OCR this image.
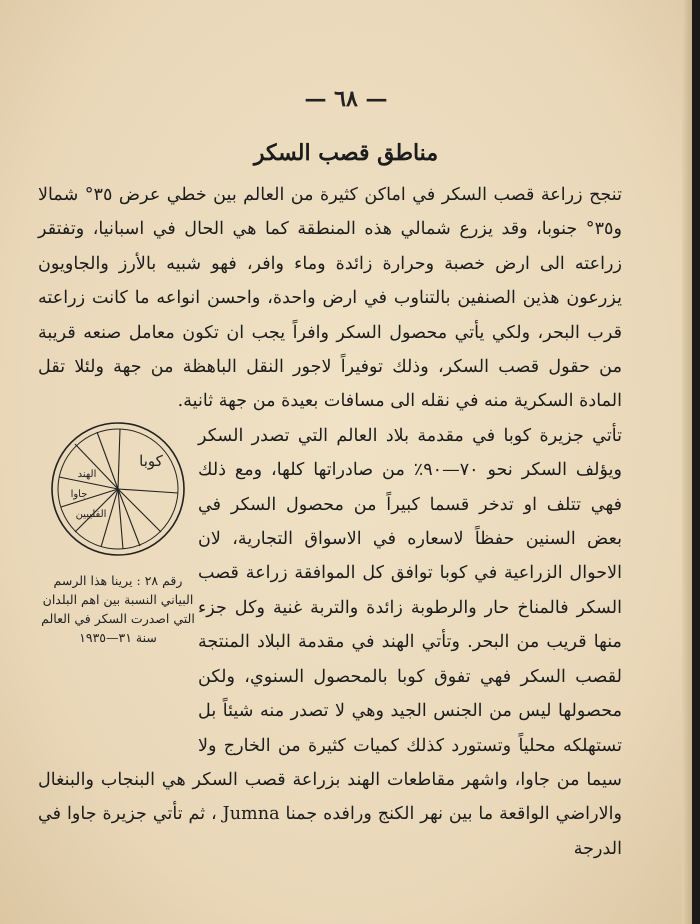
— ٦٨ —
مناطق قصب السكر

تنجح زراعة قصب السكر في اماكن كثيرة من العالم بين خطي عرض ٣٥° شمالا و٣٥° جنوبا، وقد يزرع شمالي هذه المنطقة كما هي الحال في اسبانيا، وتفتقر زراعته الى ارض خصبة وحرارة زائدة وماء وافر، فهو شبيه بالأرز والجاويون يزرعون هذين الصنفين بالتناوب في ارض واحدة، واحسن انواعه ما كانت زراعته قرب البحر، ولكي يأتي محصول السكر وافراً يجب ان تكون معامل صنعه قريبة من حقول قصب السكر، وذلك توفيراً لاجور النقل الباهظة من جهة ولئلا تقل المادة السكرية منه في نقله الى مسافات بعيدة من جهة ثانية.

كوبا
الهند
جاوا
الفليبين
رقم ٢٨ : يرينا هذا الرسم
البياني النسبة بين اهم البلدان
التي اصدرت السكر في العالم
سنة ٣١—١٩٣٥

تأتي جزيرة كوبا في مقدمة بلاد العالم التي تصدر السكر ويؤلف السكر نحو ٧٠—٩٠٪ من صادراتها كلها، ومع ذلك فهي تتلف او تدخر قسما كبيراً من محصول السكر في بعض السنين حفظاً لاسعاره في الاسواق التجارية، لان الاحوال الزراعية في كوبا توافق كل الموافقة زراعة قصب السكر فالمناخ حار والرطوبة زائدة والتربة غنية وكل جزء منها قريب من البحر. وتأتي الهند في مقدمة البلاد المنتجة لقصب السكر فهي تفوق كوبا بالمحصول السنوي، ولكن محصولها ليس من الجنس الجيد وهي لا تصدر منه شيئاً بل تستهلكه محلياً وتستورد كذلك كميات كثيرة من الخارج ولا سيما من جاوا، واشهر مقاطعات الهند بزراعة قصب السكر هي البنجاب والبنغال والاراضي الواقعة ما بين نهر الكنج ورافده جمنا Jumna ، ثم تأتي جزيرة جاوا في الدرجة
